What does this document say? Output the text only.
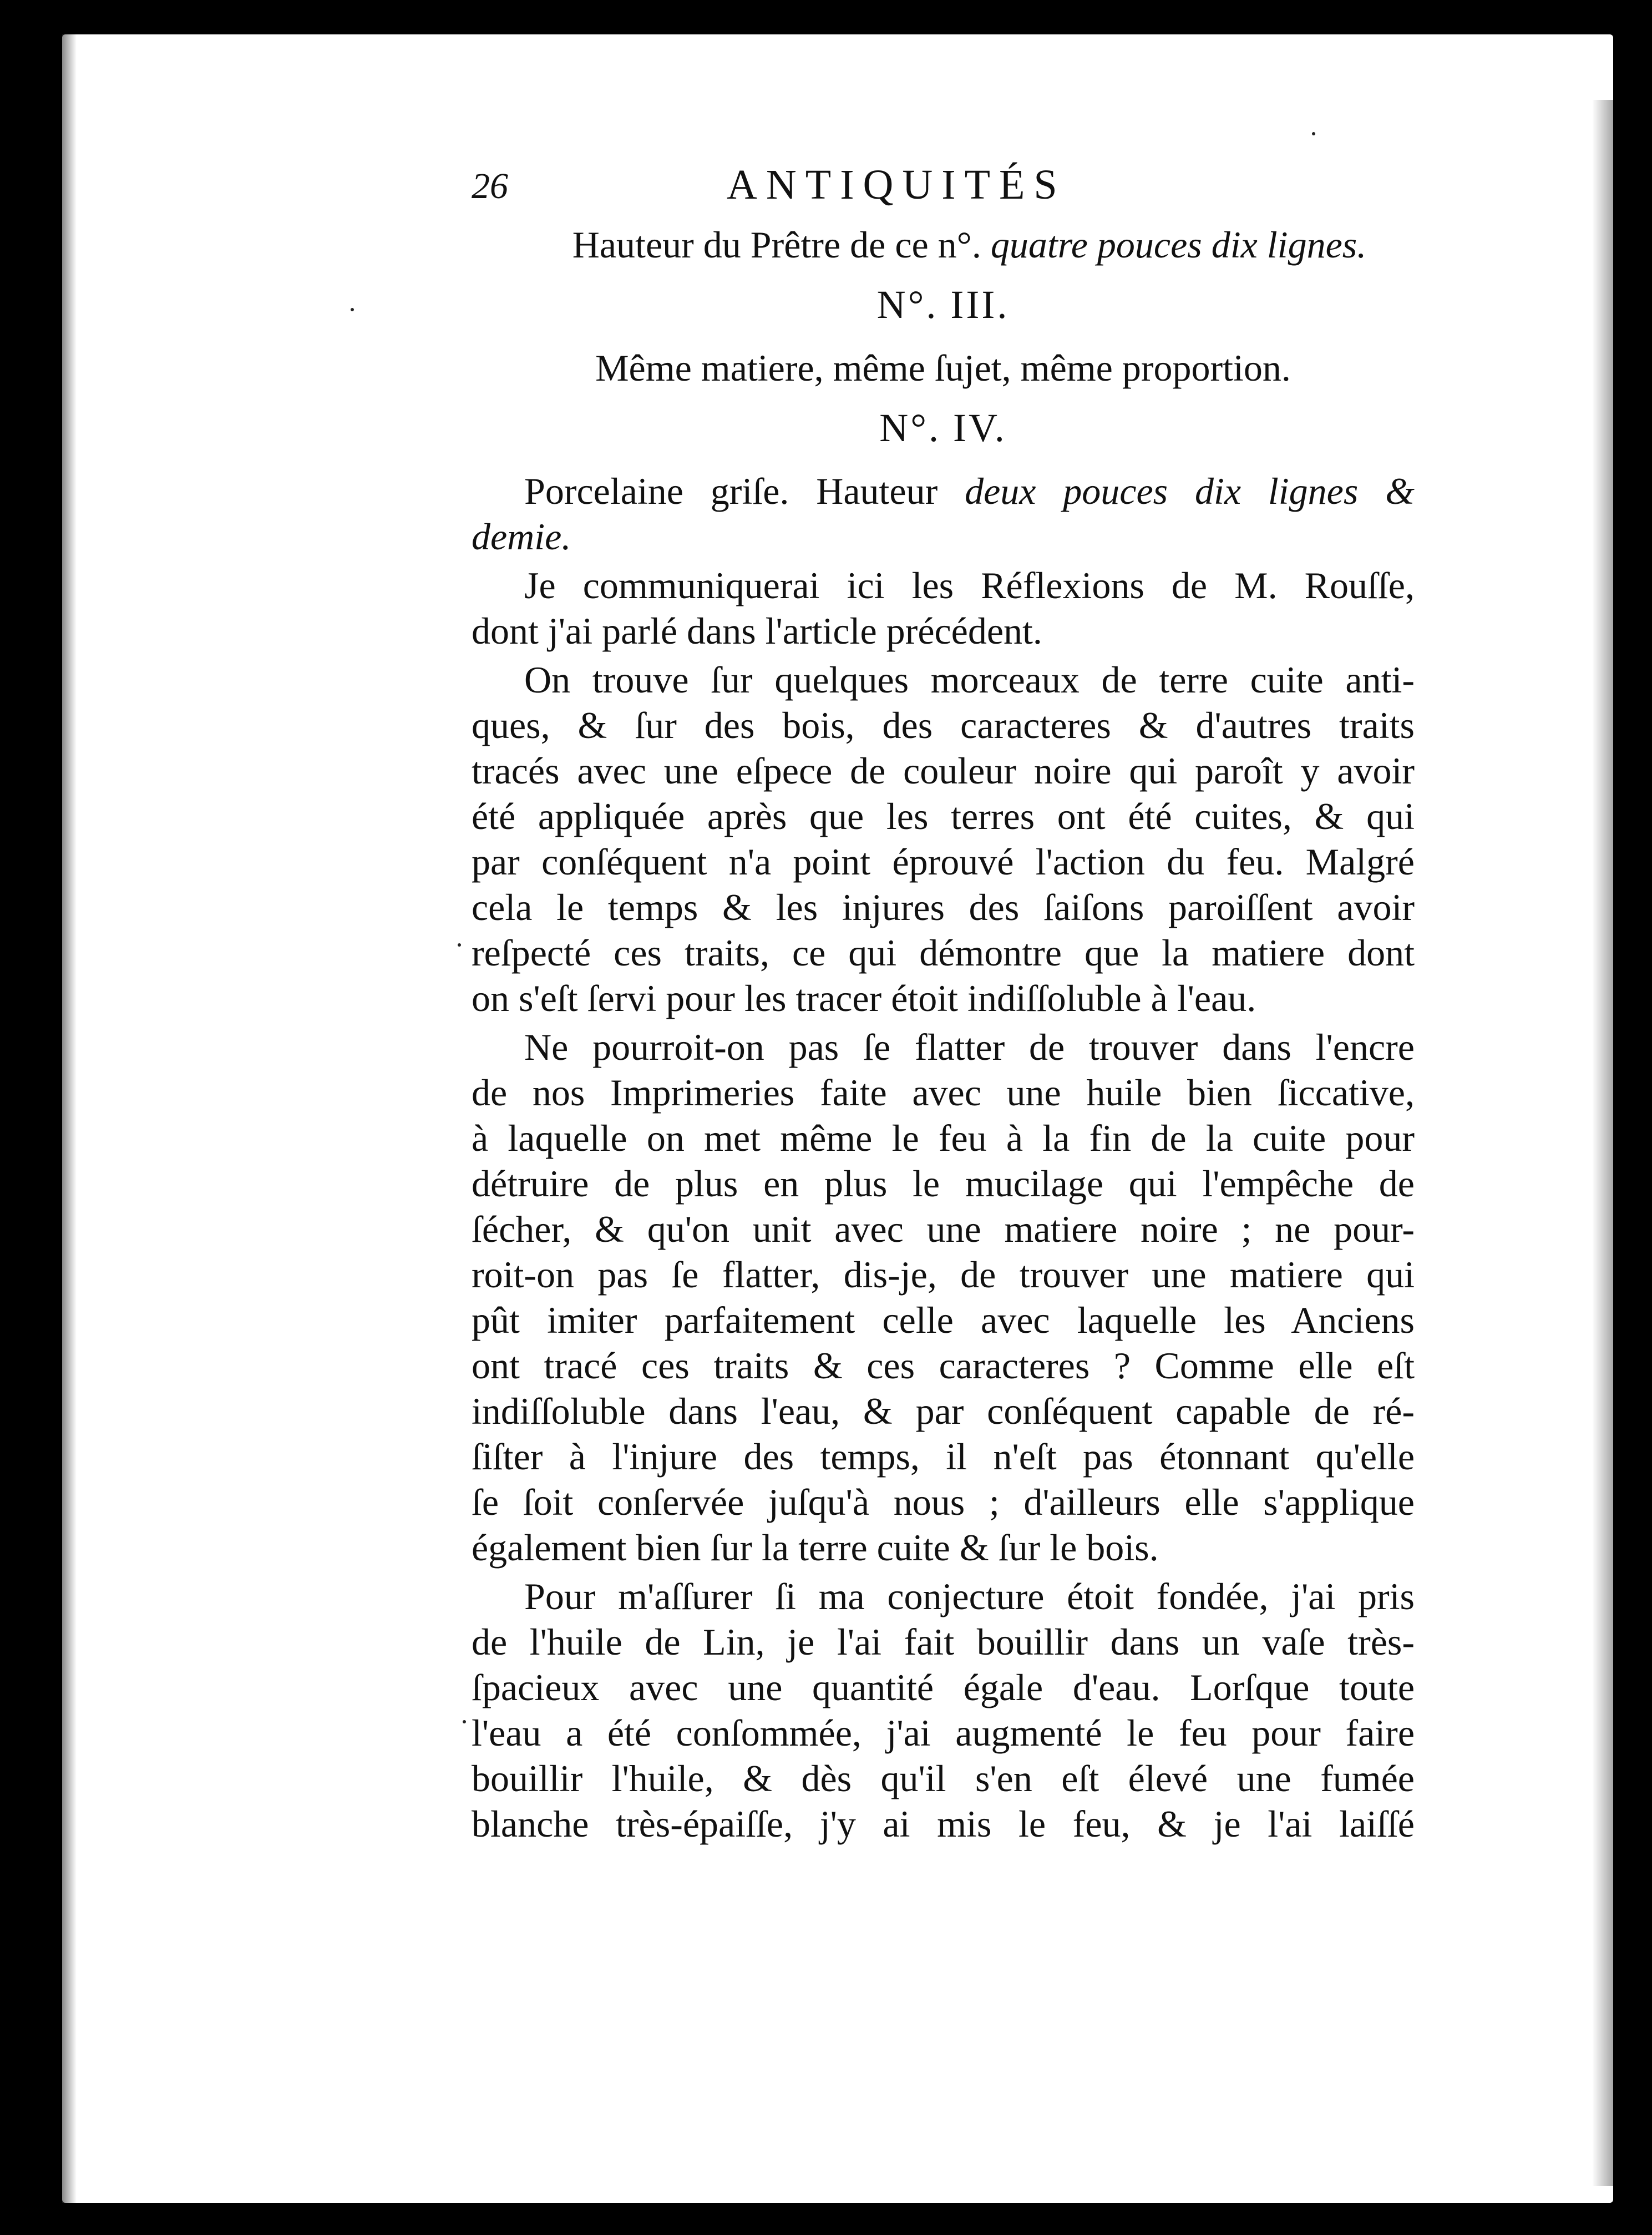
26	ANTIQUITÉS

Hauteur du Prêtre de ce n°. quatre pouces dix lignes.

N°. III.

Même matiere, même ſujet, même proportion.

N°. IV.

Porcelaine griſe. Hauteur deux pouces dix lignes &

demie.

Je communiquerai ici les Réflexions de M. Rouſſe,

dont j'ai parlé dans l'article précédent.

On trouve ſur quelques morceaux de terre cuite anti-

ques, & ſur des bois, des caracteres & d'autres traits

tracés avec une eſpece de couleur noire qui paroît y avoir

été appliquée après que les terres ont été cuites, & qui

par conſéquent n'a point éprouvé l'action du feu. Malgré

cela le temps & les injures des ſaiſons paroiſſent avoir

reſpecté ces traits, ce qui démontre que la matiere dont

on s'eſt ſervi pour les tracer étoit indiſſoluble à l'eau.

Ne pourroit-on pas ſe flatter de trouver dans l'encre

de nos Imprimeries faite avec une huile bien ſiccative,

à laquelle on met même le feu à la fin de la cuite pour

détruire de plus en plus le mucilage qui l'empêche de

ſécher, & qu'on unit avec une matiere noire ; ne pour-

roit-on pas ſe flatter, dis-je, de trouver une matiere qui

pût imiter parfaitement celle avec laquelle les Anciens

ont tracé ces traits & ces caracteres ? Comme elle eſt

indiſſoluble dans l'eau, & par conſéquent capable de ré-

ſiſter à l'injure des temps, il n'eſt pas étonnant qu'elle

ſe ſoit conſervée juſqu'à nous ; d'ailleurs elle s'applique

également bien ſur la terre cuite & ſur le bois.

Pour m'aſſurer ſi ma conjecture étoit fondée, j'ai pris

de l'huile de Lin, je l'ai fait bouillir dans un vaſe très-

ſpacieux avec une quantité égale d'eau. Lorſque toute

l'eau a été conſommée, j'ai augmenté le feu pour faire

bouillir l'huile, & dès qu'il s'en eſt élevé une fumée

blanche très-épaiſſe, j'y ai mis le feu, & je l'ai laiſſé
